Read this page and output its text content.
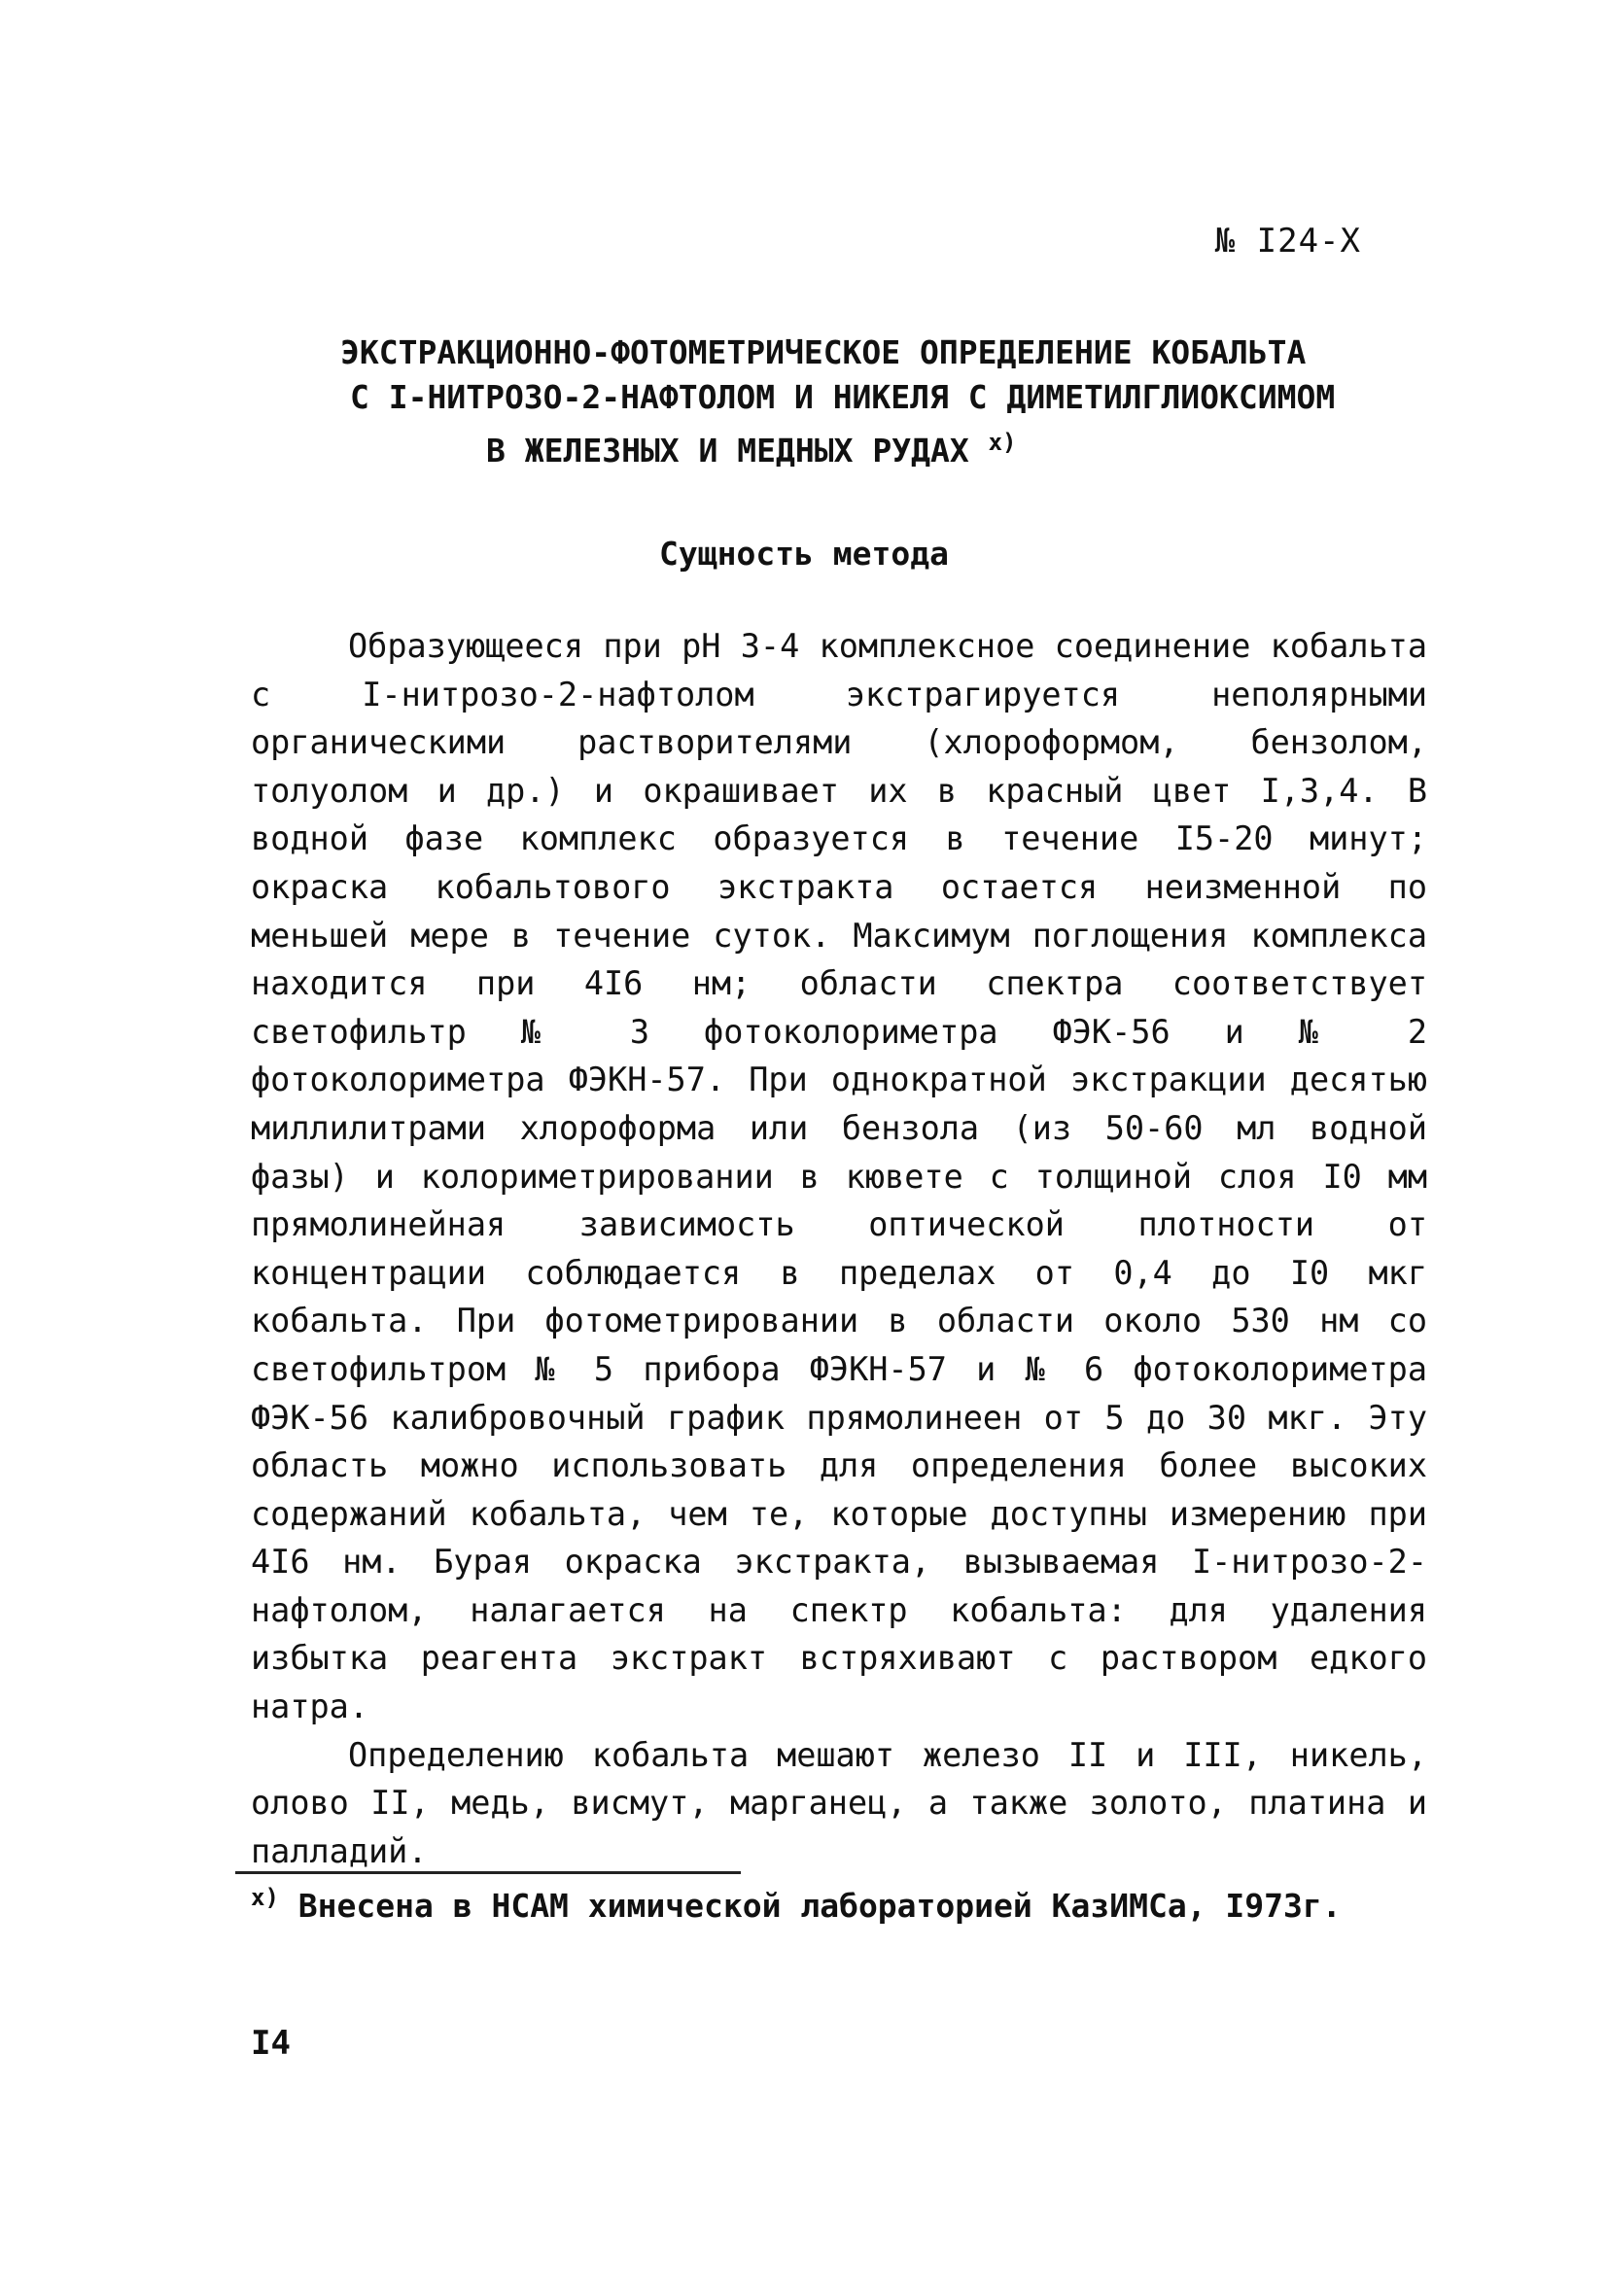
№ I24-X
ЭКСТРАКЦИОННО-ФОТОМЕТРИЧЕСКОЕ ОПРЕДЕЛЕНИЕ КОБАЛЬТА
С I-НИТРОЗО-2-НАФТОЛОМ И НИКЕЛЯ С ДИМЕТИЛГЛИОКСИМОМ
В ЖЕЛЕЗНЫХ И МЕДНЫХ РУДАХ $^{x)}$
Сущность метода

Образующееся при pH 3-4 комплексное соединение кобальта с I-нитрозо-2-нафтолом экстрагируется неполярными органическими растворителями (хлороформом, бензолом, толуолом и др.) и окрашивает их в красный цвет I,3,4. В водной фазе комплекс образуется в течение I5-20 минут; окраска кобальтового экстракта остается неизменной по меньшей мере в течение суток. Максимум поглощения комплекса находится при 4I6 нм; области спектра соответствует светофильтр № 3 фотоколориметра ФЭК-56 и № 2 фотоколориметра ФЭКН-57. При однократной экстракции десятью миллилитрами хлороформа или бензола (из 50-60 мл водной фазы) и колориметрировании в кювете с толщиной слоя I0 мм прямолинейная зависимость оптической плотности от концентрации соблюдается в пределах от 0,4 до I0 мкг кобальта. При фотометрировании в области около 530 нм со светофильтром № 5 прибора ФЭКН-57 и № 6 фотоколориметра ФЭК-56 калибровочный график прямолинеен от 5 до 30 мкг. Эту область можно использовать для определения более высоких содержаний кобальта, чем те, которые доступны измерению при 4I6 нм. Бурая окраска экстракта, вызываемая I-нитрозо-2-нафтолом, налагается на спектр кобальта: для удаления избытка реагента экстракт встряхивают с раствором едкого натра.

Определению кобальта мешают железо II и III, никель, олово II, медь, висмут, марганец, а также золото, платина и палладий.

$^{x)}$ Внесена в НСАМ химической лабораторией КазИМСа, I973г.
I4
